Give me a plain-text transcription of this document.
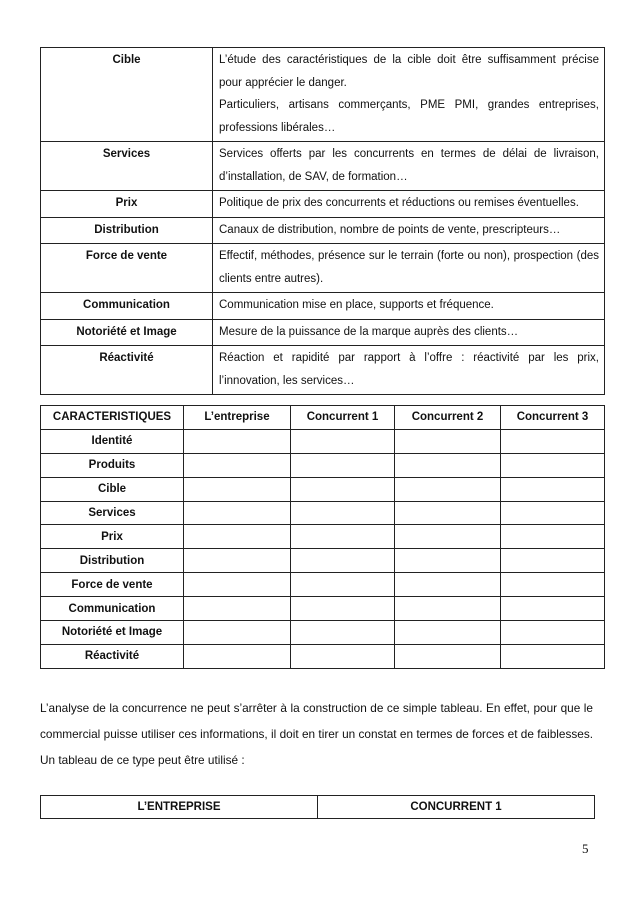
Cible	L’étude des caractéristiques de la cible doit être suffisamment précise pour apprécier le danger.

Particuliers, artisans commerçants, PME PMI, grandes entreprises, professions libérales…

Services	Services offerts par les concurrents en termes de délai de livraison, d’installation, de SAV, de formation…

Prix	Politique de prix des concurrents et réductions ou remises éventuelles.

Distribution	Canaux de distribution, nombre de points de vente, prescripteurs…

Force de vente	Effectif, méthodes, présence sur le terrain (forte ou non), prospection (des clients entre autres).

Communication	Communication mise en place, supports et fréquence.

Notoriété et Image	Mesure de la puissance de la marque auprès des clients…

Réactivité	Réaction et rapidité par rapport à l’offre : réactivité par les prix, l’innovation, les services…

CARACTERISTIQUES	L’entreprise	Concurrent 1	Concurrent 2	Concurrent 3
Identité				
Produits				
Cible				
Services				
Prix				
Distribution				
Force de vente				
Communication				
Notoriété et Image				
Réactivité				

L’analyse de la concurrence ne peut s’arrêter à la construction de ce simple tableau. En effet, pour que le commercial puisse utiliser ces informations, il doit en tirer un constat en termes de forces et de faiblesses. Un tableau de ce type peut être utilisé :

L’ENTREPRISE	CONCURRENT 1
5
